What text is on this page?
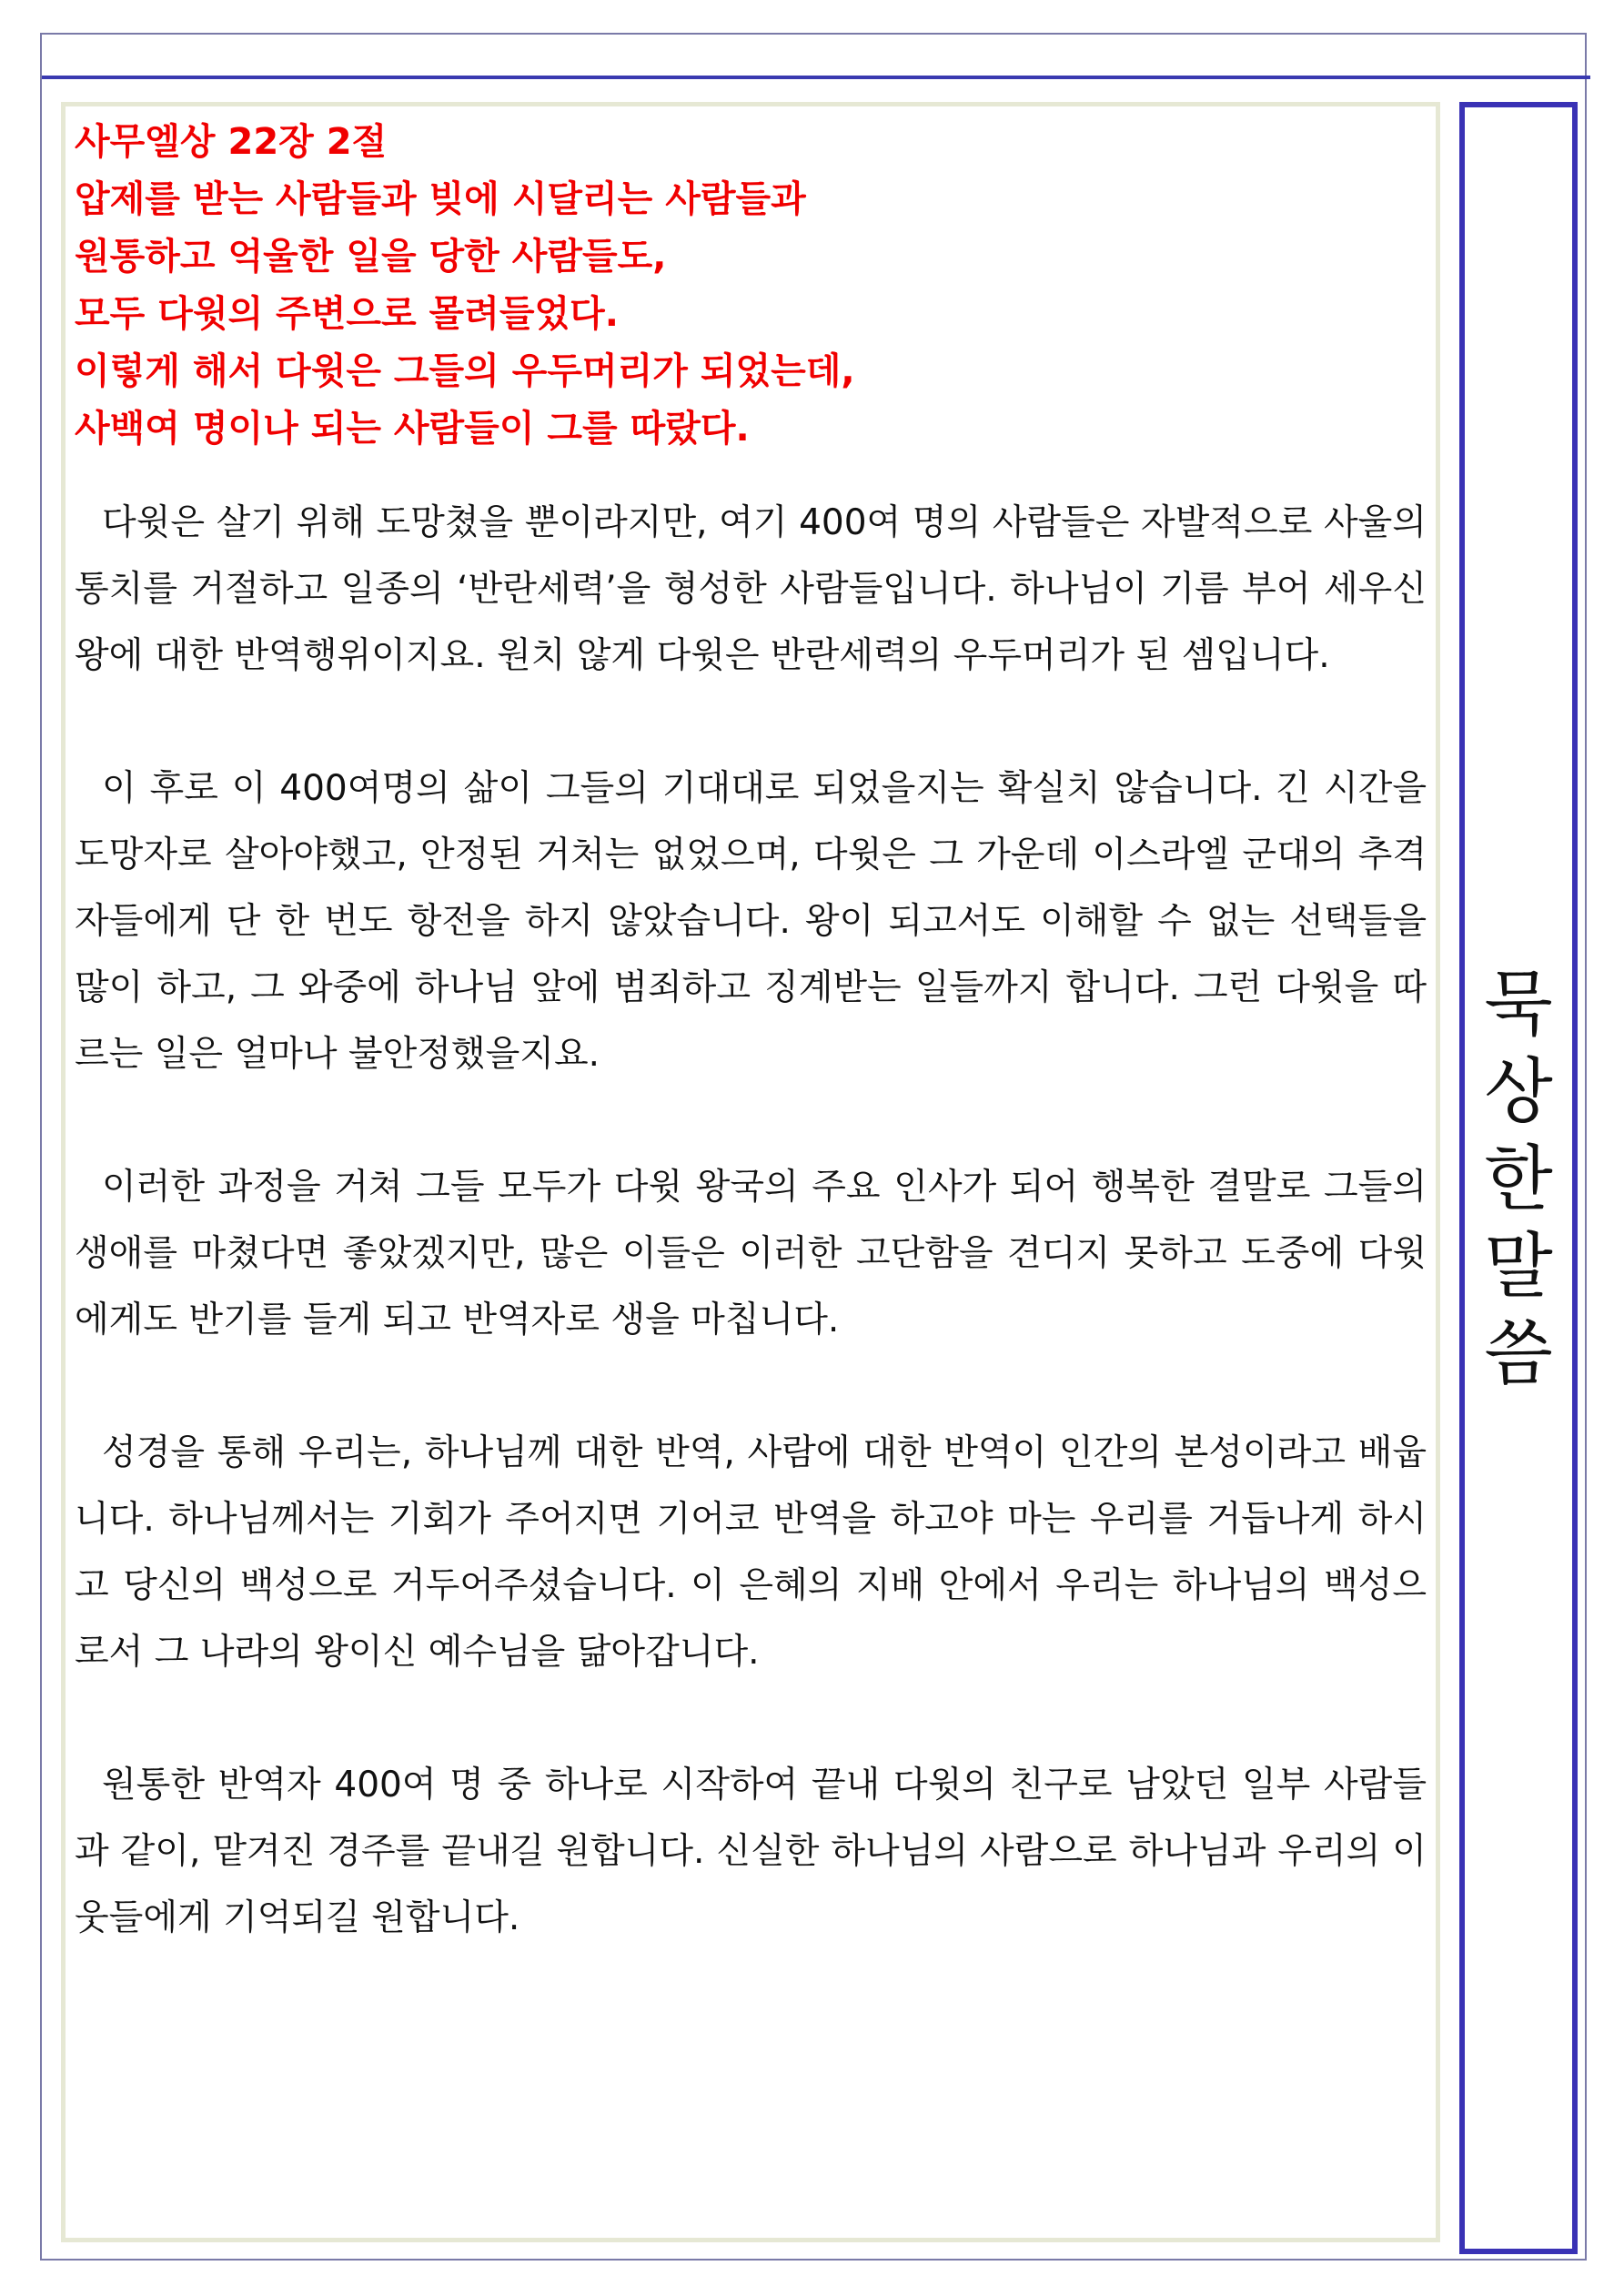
사무엘상 22장 2절
압제를 받는 사람들과 빚에 시달리는 사람들과
원통하고 억울한 일을 당한 사람들도,
모두 다윗의 주변으로 몰려들었다.
이렇게 해서 다윗은 그들의 우두머리가 되었는데,
사백여 명이나 되는 사람들이 그를 따랐다.

다윗은 살기 위해 도망쳤을 뿐이라지만, 여기 400여 명의 사람들은 자발적으로 사울의 통치를 거절하고 일종의 ‘반란세력’을 형성한 사람들입니다. 하나님이 기름 부어 세우신 왕에 대한 반역행위이지요. 원치 않게 다윗은 반란세력의 우두머리가 된 셈입니다.

이 후로 이 400여명의 삶이 그들의 기대대로 되었을지는 확실치 않습니다. 긴 시간을 도망자로 살아야했고, 안정된 거처는 없었으며, 다윗은 그 가운데 이스라엘 군대의 추격자들에게 단 한 번도 항전을 하지 않았습니다. 왕이 되고서도 이해할 수 없는 선택들을 많이 하고, 그 와중에 하나님 앞에 범죄하고 징계받는 일들까지 합니다. 그런 다윗을 따르는 일은 얼마나 불안정했을지요.

이러한 과정을 거쳐 그들 모두가 다윗 왕국의 주요 인사가 되어 행복한 결말로 그들의 생애를 마쳤다면 좋았겠지만, 많은 이들은 이러한 고단함을 견디지 못하고 도중에 다윗에게도 반기를 들게 되고 반역자로 생을 마칩니다.

성경을 통해 우리는, 하나님께 대한 반역, 사람에 대한 반역이 인간의 본성이라고 배웁니다. 하나님께서는 기회가 주어지면 기어코 반역을 하고야 마는 우리를 거듭나게 하시고 당신의 백성으로 거두어주셨습니다. 이 은혜의 지배 안에서 우리는 하나님의 백성으로서 그 나라의 왕이신 예수님을 닮아갑니다.

원통한 반역자 400여 명 중 하나로 시작하여 끝내 다윗의 친구로 남았던 일부 사람들과 같이, 맡겨진 경주를 끝내길 원합니다. 신실한 하나님의 사람으로 하나님과 우리의 이웃들에게 기억되길 원합니다.

묵
상
한
말
씀
